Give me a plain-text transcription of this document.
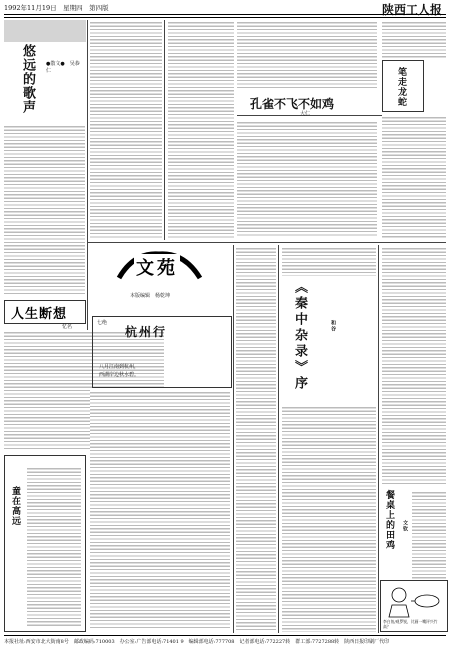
1992年11月19日　星期四　第四版	陕西工人报
悠远的歌声	●散文●　吴恭仁
人生断想
忆名
童在高远
孔雀不飞不如鸡
大仁
笔走龙蛇
文苑
本版编辑　杨乾坤
七绝
杭州行
八月江南到杭州，
西湖岸边秋水碧。	《秦中杂录》序	和谷
餐桌上的田鸡	文钦
李白鱼/观罗锐，比画一嘴评兴竹高？
本报社址:西安市北大街南8号　邮政编码:710003　办公室:广告部电话:71401 9　编辑部电话:777708　记者部电话:772227转　群工部:7727288转　陕西日报印刷厂代印
